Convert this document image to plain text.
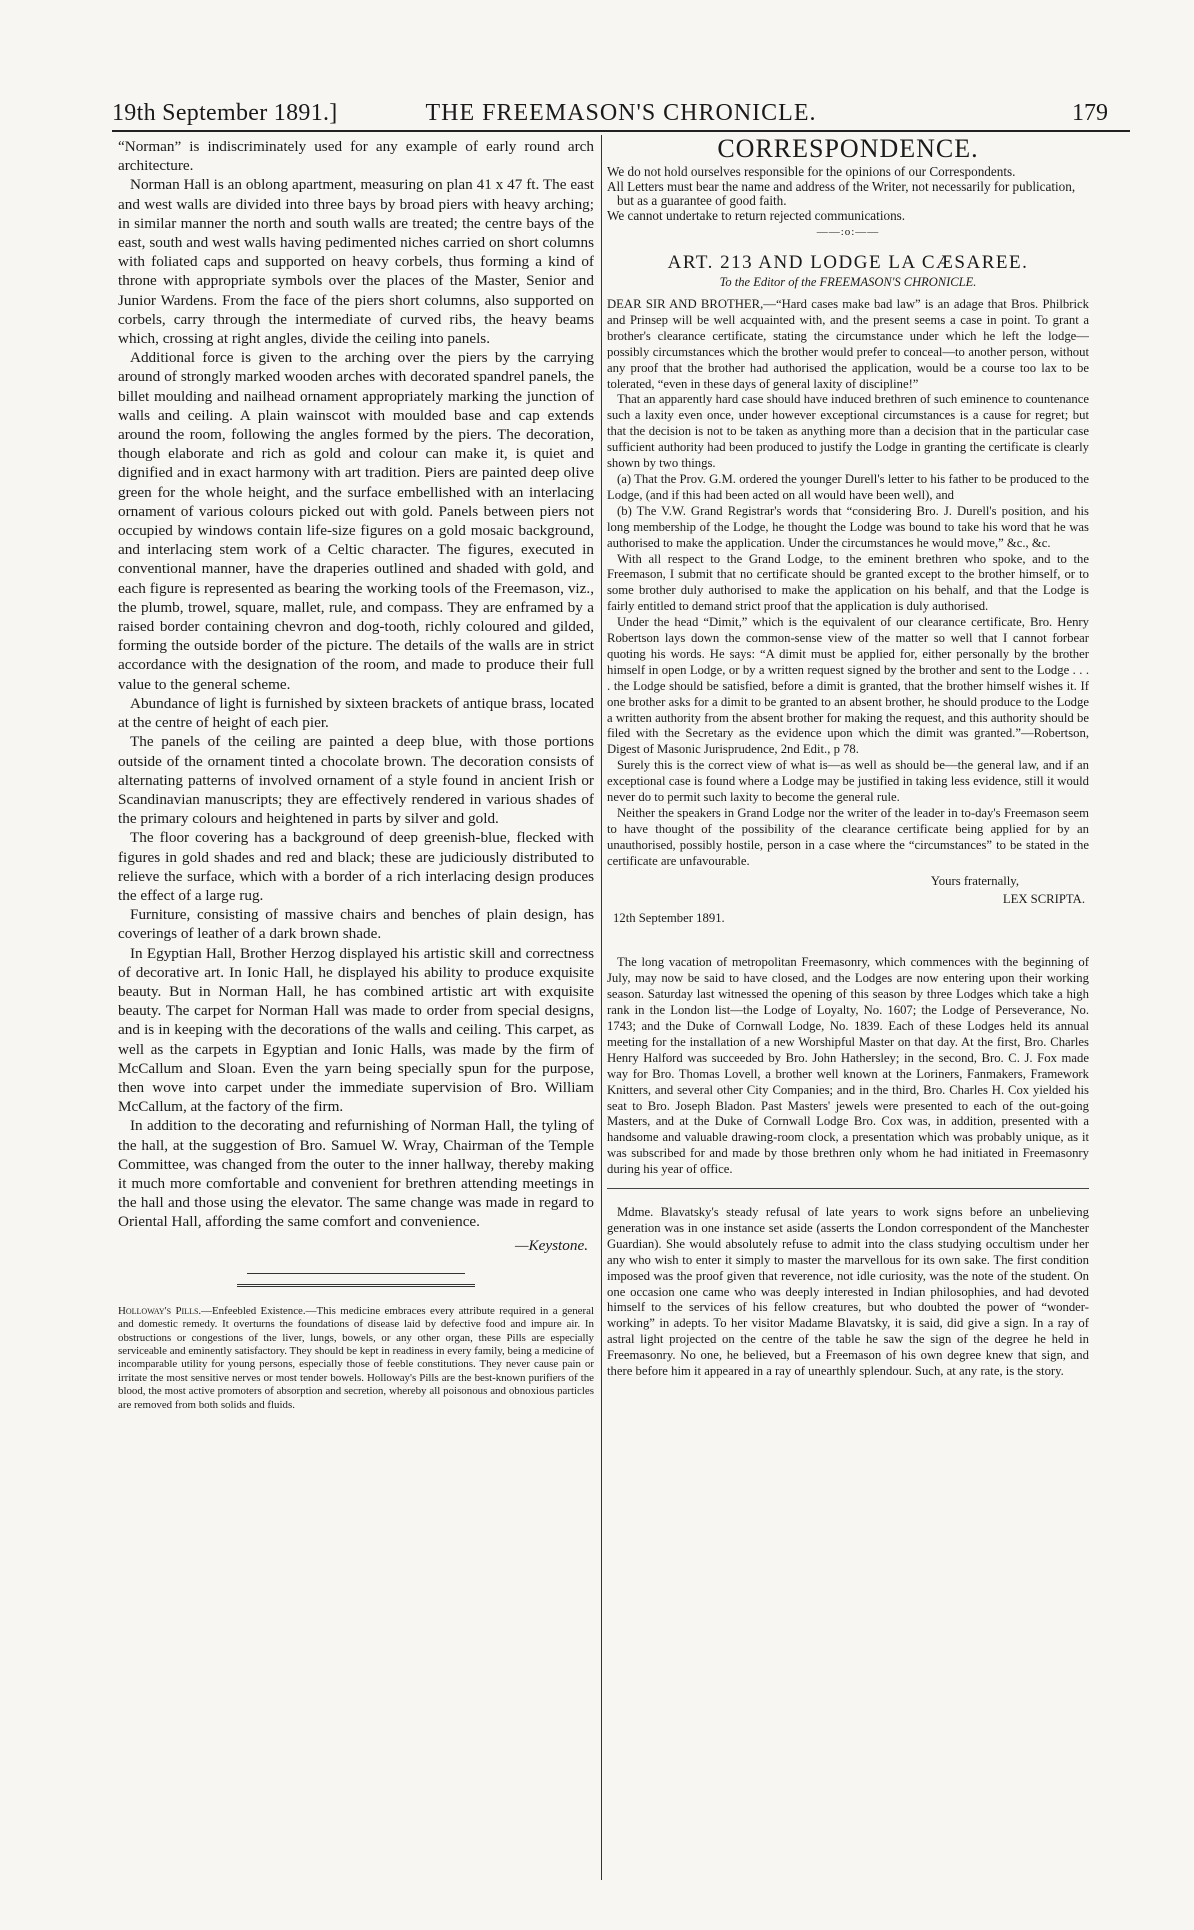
19th September 1891.]	THE FREEMASON'S CHRONICLE.	179

“Norman” is indiscriminately used for any example of early round arch architecture.

Norman Hall is an oblong apartment, measuring on plan 41 x 47 ft. The east and west walls are divided into three bays by broad piers with heavy arching; in similar manner the north and south walls are treated; the centre bays of the east, south and west walls having pedimented niches carried on short columns with foliated caps and supported on heavy corbels, thus forming a kind of throne with appropriate symbols over the places of the Master, Senior and Junior Wardens. From the face of the piers short columns, also supported on corbels, carry through the intermediate of curved ribs, the heavy beams which, crossing at right angles, divide the ceiling into panels.

Additional force is given to the arching over the piers by the carrying around of strongly marked wooden arches with decorated spandrel panels, the billet moulding and nailhead ornament appropriately marking the junction of walls and ceiling. A plain wainscot with moulded base and cap extends around the room, following the angles formed by the piers. The decoration, though elaborate and rich as gold and colour can make it, is quiet and dignified and in exact harmony with art tradition. Piers are painted deep olive green for the whole height, and the surface embellished with an interlacing ornament of various colours picked out with gold. Panels between piers not occupied by windows contain life-size figures on a gold mosaic background, and interlacing stem work of a Celtic character. The figures, executed in conventional manner, have the draperies outlined and shaded with gold, and each figure is represented as bearing the working tools of the Freemason, viz., the plumb, trowel, square, mallet, rule, and compass. They are enframed by a raised border containing chevron and dog-tooth, richly coloured and gilded, forming the outside border of the picture. The details of the walls are in strict accordance with the designation of the room, and made to produce their full value to the general scheme.

Abundance of light is furnished by sixteen brackets of antique brass, located at the centre of height of each pier.

The panels of the ceiling are painted a deep blue, with those portions outside of the ornament tinted a chocolate brown. The decoration consists of alternating patterns of involved ornament of a style found in ancient Irish or Scandinavian manuscripts; they are effectively rendered in various shades of the primary colours and heightened in parts by silver and gold.

The floor covering has a background of deep greenish-blue, flecked with figures in gold shades and red and black; these are judiciously distributed to relieve the surface, which with a border of a rich interlacing design produces the effect of a large rug.

Furniture, consisting of massive chairs and benches of plain design, has coverings of leather of a dark brown shade.

In Egyptian Hall, Brother Herzog displayed his artistic skill and correctness of decorative art. In Ionic Hall, he displayed his ability to produce exquisite beauty. But in Norman Hall, he has combined artistic art with exquisite beauty. The carpet for Norman Hall was made to order from special designs, and is in keeping with the decorations of the walls and ceiling. This carpet, as well as the carpets in Egyptian and Ionic Halls, was made by the firm of McCallum and Sloan. Even the yarn being specially spun for the purpose, then wove into carpet under the immediate supervision of Bro. William McCallum, at the factory of the firm.

In addition to the decorating and refurnishing of Norman Hall, the tyling of the hall, at the suggestion of Bro. Samuel W. Wray, Chairman of the Temple Committee, was changed from the outer to the inner hallway, thereby making it much more comfortable and convenient for brethren attending meetings in the hall and those using the elevator. The same change was made in regard to Oriental Hall, affording the same comfort and convenience.

—Keystone.
Holloway's Pills.—Enfeebled Existence.—This medicine embraces every attribute required in a general and domestic remedy. It overturns the foundations of disease laid by defective food and impure air. In obstructions or congestions of the liver, lungs, bowels, or any other organ, these Pills are especially serviceable and eminently satisfactory. They should be kept in readiness in every family, being a medicine of incomparable utility for young persons, especially those of feeble constitutions. They never cause pain or irritate the most sensitive nerves or most tender bowels. Holloway's Pills are the best-known purifiers of the blood, the most active promoters of absorption and secretion, whereby all poisonous and obnoxious particles are removed from both solids and fluids.
CORRESPONDENCE.

We do not hold ourselves responsible for the opinions of our Correspondents.

All Letters must bear the name and address of the Writer, not necessarily for publication, but as a guarantee of good faith.

We cannot undertake to return rejected communications.

——:o:——
ART. 213 AND LODGE LA CÆSAREE.
To the Editor of the FREEMASON'S CHRONICLE.

DEAR SIR AND BROTHER,—“Hard cases make bad law” is an adage that Bros. Philbrick and Prinsep will be well acquainted with, and the present seems a case in point. To grant a brother's clearance certificate, stating the circumstance under which he left the lodge—possibly circumstances which the brother would prefer to conceal—to another person, without any proof that the brother had authorised the application, would be a course too lax to be tolerated, “even in these days of general laxity of discipline!”

That an apparently hard case should have induced brethren of such eminence to countenance such a laxity even once, under however exceptional circumstances is a cause for regret; but that the decision is not to be taken as anything more than a decision that in the particular case sufficient authority had been produced to justify the Lodge in granting the certificate is clearly shown by two things.

(a) That the Prov. G.M. ordered the younger Durell's letter to his father to be produced to the Lodge, (and if this had been acted on all would have been well), and

(b) The V.W. Grand Registrar's words that “considering Bro. J. Durell's position, and his long membership of the Lodge, he thought the Lodge was bound to take his word that he was authorised to make the application. Under the circumstances he would move,” &c., &c.

With all respect to the Grand Lodge, to the eminent brethren who spoke, and to the Freemason, I submit that no certificate should be granted except to the brother himself, or to some brother duly authorised to make the application on his behalf, and that the Lodge is fairly entitled to demand strict proof that the application is duly authorised.

Under the head “Dimit,” which is the equivalent of our clearance certificate, Bro. Henry Robertson lays down the common-sense view of the matter so well that I cannot forbear quoting his words. He says: “A dimit must be applied for, either personally by the brother himself in open Lodge, or by a written request signed by the brother and sent to the Lodge . . . . the Lodge should be satisfied, before a dimit is granted, that the brother himself wishes it. If one brother asks for a dimit to be granted to an absent brother, he should produce to the Lodge a written authority from the absent brother for making the request, and this authority should be filed with the Secretary as the evidence upon which the dimit was granted.”—Robertson, Digest of Masonic Jurisprudence, 2nd Edit., p 78.

Surely this is the correct view of what is—as well as should be—the general law, and if an exceptional case is found where a Lodge may be justified in taking less evidence, still it would never do to permit such laxity to become the general rule.

Neither the speakers in Grand Lodge nor the writer of the leader in to-day's Freemason seem to have thought of the possibility of the clearance certificate being applied for by an unauthorised, possibly hostile, person in a case where the “circumstances” to be stated in the certificate are unfavourable.

Yours fraternally,
LEX SCRIPTA.
12th September 1891.

The long vacation of metropolitan Freemasonry, which commences with the beginning of July, may now be said to have closed, and the Lodges are now entering upon their working season. Saturday last witnessed the opening of this season by three Lodges which take a high rank in the London list—the Lodge of Loyalty, No. 1607; the Lodge of Perseverance, No. 1743; and the Duke of Cornwall Lodge, No. 1839. Each of these Lodges held its annual meeting for the installation of a new Worshipful Master on that day. At the first, Bro. Charles Henry Halford was succeeded by Bro. John Hathersley; in the second, Bro. C. J. Fox made way for Bro. Thomas Lovell, a brother well known at the Loriners, Fanmakers, Framework Knitters, and several other City Companies; and in the third, Bro. Charles H. Cox yielded his seat to Bro. Joseph Bladon. Past Masters' jewels were presented to each of the out-going Masters, and at the Duke of Cornwall Lodge Bro. Cox was, in addition, presented with a handsome and valuable drawing-room clock, a presentation which was probably unique, as it was subscribed for and made by those brethren only whom he had initiated in Freemasonry during his year of office.

Mdme. Blavatsky's steady refusal of late years to work signs before an unbelieving generation was in one instance set aside (asserts the London correspondent of the Manchester Guardian). She would absolutely refuse to admit into the class studying occultism under her any who wish to enter it simply to master the marvellous for its own sake. The first condition imposed was the proof given that reverence, not idle curiosity, was the note of the student. On one occasion one came who was deeply interested in Indian philosophies, and had devoted himself to the services of his fellow creatures, but who doubted the power of “wonder-working” in adepts. To her visitor Madame Blavatsky, it is said, did give a sign. In a ray of astral light projected on the centre of the table he saw the sign of the degree he held in Freemasonry. No one, he believed, but a Freemason of his own degree knew that sign, and there before him it appeared in a ray of unearthly splendour. Such, at any rate, is the story.
